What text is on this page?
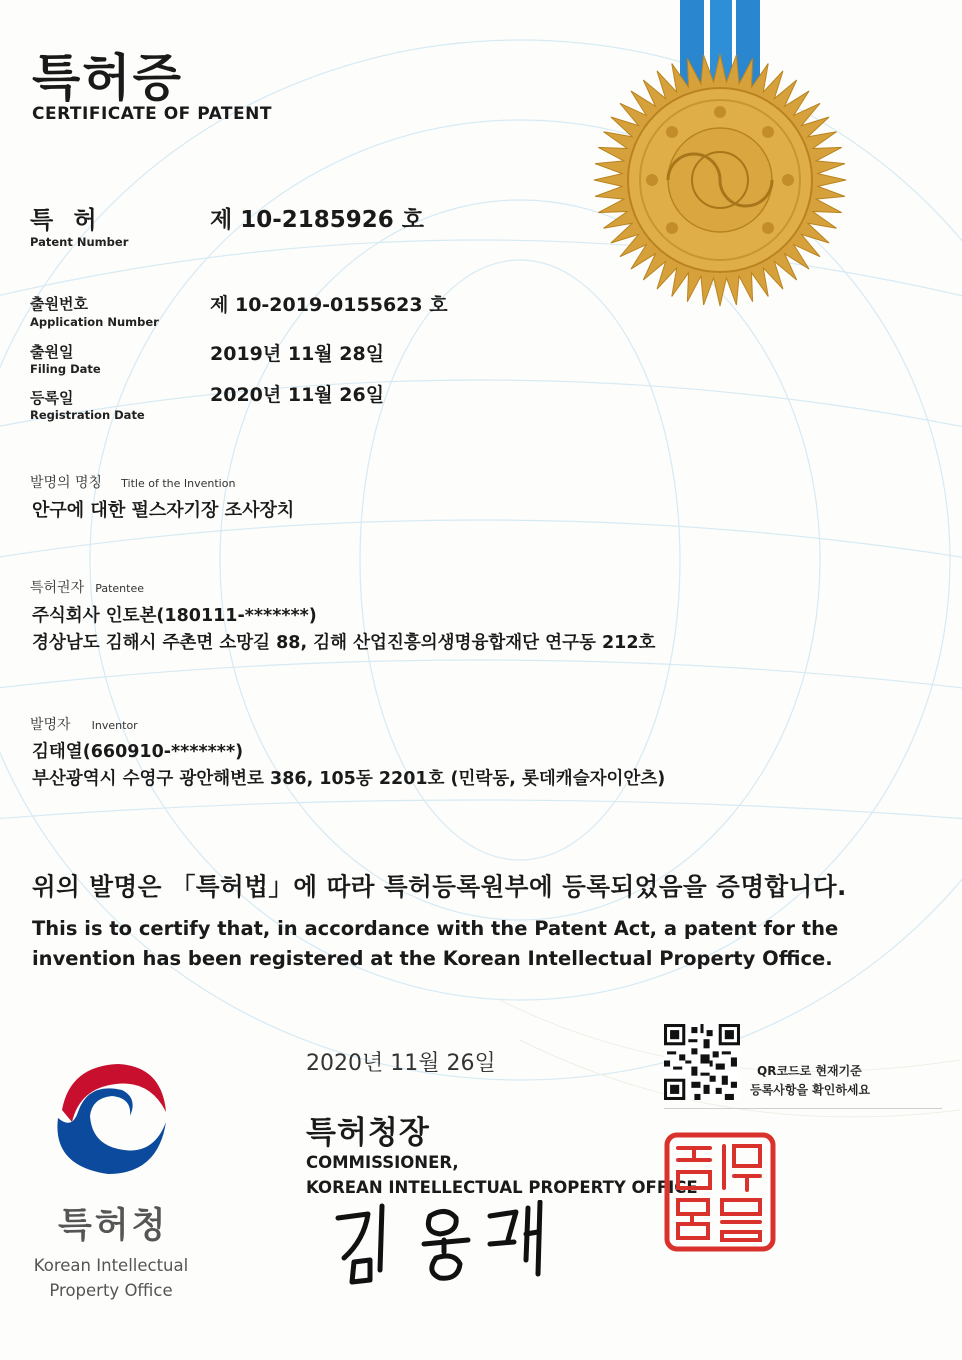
특허증
CERTIFICATE OF PATENT
특 허
Patent Number
제 10-2185926 호
출원번호
Application Number
제 10-2019-0155623 호
출원일
Filing Date
2019년 11월 28일
등록일
Registration Date
2020년 11월 26일
발명의 명칭 Title of the Invention
안구에 대한 펄스자기장 조사장치
특허권자 Patentee
주식회사 인토본(180111-*******)
경상남도 김해시 주촌면 소망길 88, 김해 산업진흥의생명융합재단 연구동 212호
발명자 Inventor
김태열(660910-*******)
부산광역시 수영구 광안해변로 386, 105동 2201호 (민락동, 롯데캐슬자이안츠)
위의 발명은 「특허법」에 따라 특허등록원부에 등록되었음을 증명합니다.
This is to certify that, in accordance with the Patent Act, a patent for the
invention has been registered at the Korean Intellectual Property Office.
QR코드로 현재기준
등록사항을 확인하세요
2020년 11월 26일
특허청장
COMMISSIONER,
KOREAN INTELLECTUAL PROPERTY OFFICE
특허청
Korean Intellectual
Property Office
